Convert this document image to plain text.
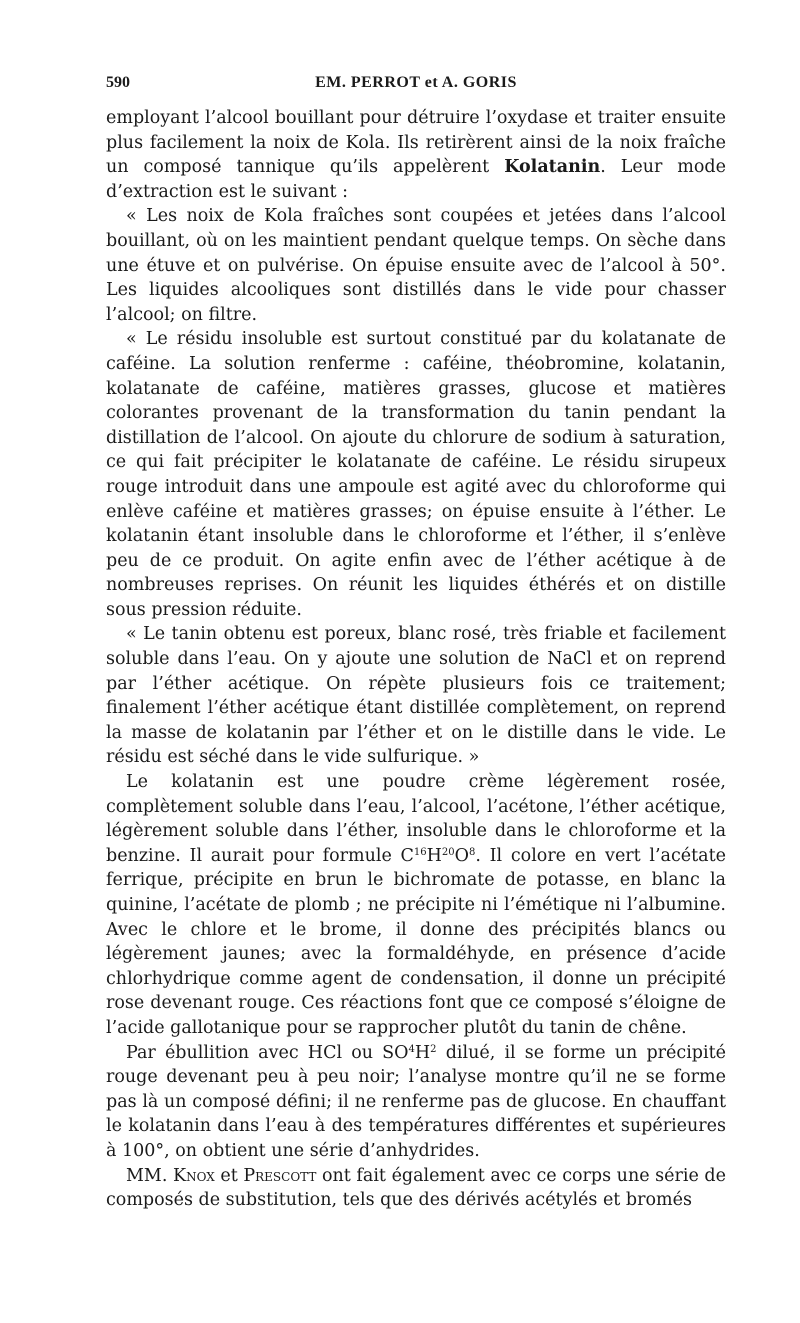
590	EM. PERROT et A. GORIS

employant l’alcool bouillant pour détruire l’oxydase et traiter ensuite plus facilement la noix de Kola. Ils retirèrent ainsi de la noix fraîche un composé tannique qu’ils appelèrent Kolatanin. Leur mode d’extraction est le suivant :

« Les noix de Kola fraîches sont coupées et jetées dans l’alcool bouillant, où on les maintient pendant quelque temps. On sèche dans une étuve et on pulvérise. On épuise ensuite avec de l’alcool à 50°. Les liquides alcooliques sont distillés dans le vide pour chasser l’alcool; on filtre.

« Le résidu insoluble est surtout constitué par du kolatanate de caféine. La solution renferme : caféine, théobromine, kolatanin, kolatanate de caféine, matières grasses, glucose et matières colorantes provenant de la transformation du tanin pendant la distillation de l’alcool. On ajoute du chlorure de sodium à saturation, ce qui fait précipiter le kolatanate de caféine. Le résidu sirupeux rouge introduit dans une ampoule est agité avec du chloroforme qui enlève caféine et matières grasses; on épuise ensuite à l’éther. Le kolatanin étant insoluble dans le chloroforme et l’éther, il s’enlève peu de ce produit. On agite enfin avec de l’éther acétique à de nombreuses reprises. On réunit les liquides éthérés et on distille sous pression réduite.

« Le tanin obtenu est poreux, blanc rosé, très friable et facilement soluble dans l’eau. On y ajoute une solution de NaCl et on reprend par l’éther acétique. On répète plusieurs fois ce traitement; finalement l’éther acétique étant distillée complètement, on reprend la masse de kolatanin par l’éther et on le distille dans le vide. Le résidu est séché dans le vide sulfurique. »

Le kolatanin est une poudre crème légèrement rosée, complètement soluble dans l’eau, l’alcool, l’acétone, l’éther acétique, légèrement soluble dans l’éther, insoluble dans le chloroforme et la benzine. Il aurait pour formule $C^{16}H^{20}O^8$. Il colore en vert l’acétate ferrique, précipite en brun le bichromate de potasse, en blanc la quinine, l’acétate de plomb ; ne précipite ni l’émétique ni l’albumine. Avec le chlore et le brome, il donne des précipités blancs ou légèrement jaunes; avec la formaldéhyde, en présence d’acide chlorhydrique comme agent de condensation, il donne un précipité rose devenant rouge. Ces réactions font que ce composé s’éloigne de l’acide gallotanique pour se rapprocher plutôt du tanin de chêne.

Par ébullition avec HCl ou $SO^4H^2$ dilué, il se forme un précipité rouge devenant peu à peu noir; l’analyse montre qu’il ne se forme pas là un composé défini; il ne renferme pas de glucose. En chauffant le kolatanin dans l’eau à des températures différentes et supérieures à 100°, on obtient une série d’anhydrides.

MM. Knox et Prescott ont fait également avec ce corps une série de composés de substitution, tels que des dérivés acétylés et bromés
